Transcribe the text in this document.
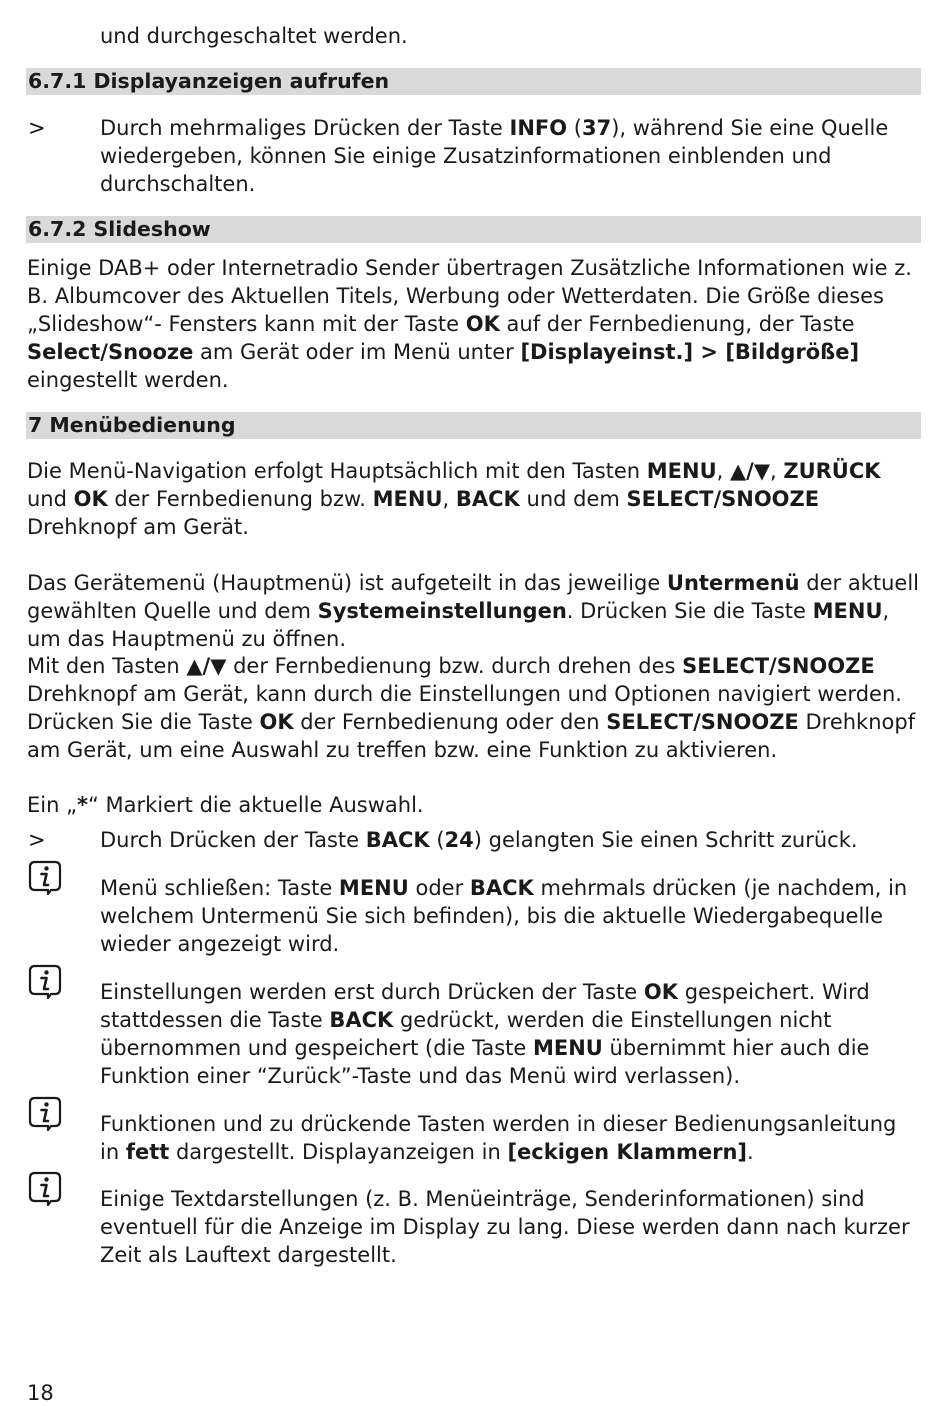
und durchgeschaltet werden.

6.7.1 Displayanzeigen aufrufen
>	Durch mehrmaliges Drücken der Taste INFO (37), während Sie eine Quelle wiedergeben, können Sie einige Zusatzinformationen einblenden und durchschalten.

6.7.2 Slideshow

Einige DAB+ oder Internetradio Sender übertragen Zusätzliche Informationen wie z. B. Albumcover des Aktuellen Titels, Werbung oder Wetterdaten. Die Größe dieses „Slideshow“- Fensters kann mit der Taste OK auf der Fernbedienung, der Taste Select/Snooze am Gerät oder im Menü unter [Displayeinst.] > [Bildgröße] eingestellt werden.

7 Menübedienung

Die Menü-Navigation erfolgt Hauptsächlich mit den Tasten MENU, ▲/▼, ZURÜCK und OK der Fernbedienung bzw. MENU, BACK und dem SELECT/SNOOZE Drehknopf am Gerät.

Das Gerätemenü (Hauptmenü) ist aufgeteilt in das jeweilige Untermenü der aktuell gewählten Quelle und dem Systemeinstellungen. Drücken Sie die Taste MENU, um das Hauptmenü zu öffnen.

Mit den Tasten ▲/▼ der Fernbedienung bzw. durch drehen des SELECT/SNOOZE Drehknopf am Gerät, kann durch die Einstellungen und Optionen navigiert werden. Drücken Sie die Taste OK der Fernbedienung oder den SELECT/SNOOZE Drehknopf am Gerät, um eine Auswahl zu treffen bzw. eine Funktion zu aktivieren.

Ein „*“ Markiert die aktuelle Auswahl.

>	Durch Drücken der Taste BACK (24) gelangten Sie einen Schritt zurück.

Menü schließen: Taste MENU oder BACK mehrmals drücken (je nachdem, in welchem Untermenü Sie sich befinden), bis die aktuelle Wiedergabequelle wieder angezeigt wird.

Einstellungen werden erst durch Drücken der Taste OK gespeichert. Wird stattdessen die Taste BACK gedrückt, werden die Einstellungen nicht übernommen und gespeichert (die Taste MENU übernimmt hier auch die Funktion einer “Zurück”-Taste und das Menü wird verlassen).

Funktionen und zu drückende Tasten werden in dieser Bedienungsanleitung in fett dargestellt. Displayanzeigen in [eckigen Klammern].

Einige Textdarstellungen (z. B. Menüeinträge, Senderinformationen) sind eventuell für die Anzeige im Display zu lang. Diese werden dann nach kurzer Zeit als Lauftext dargestellt.

18
